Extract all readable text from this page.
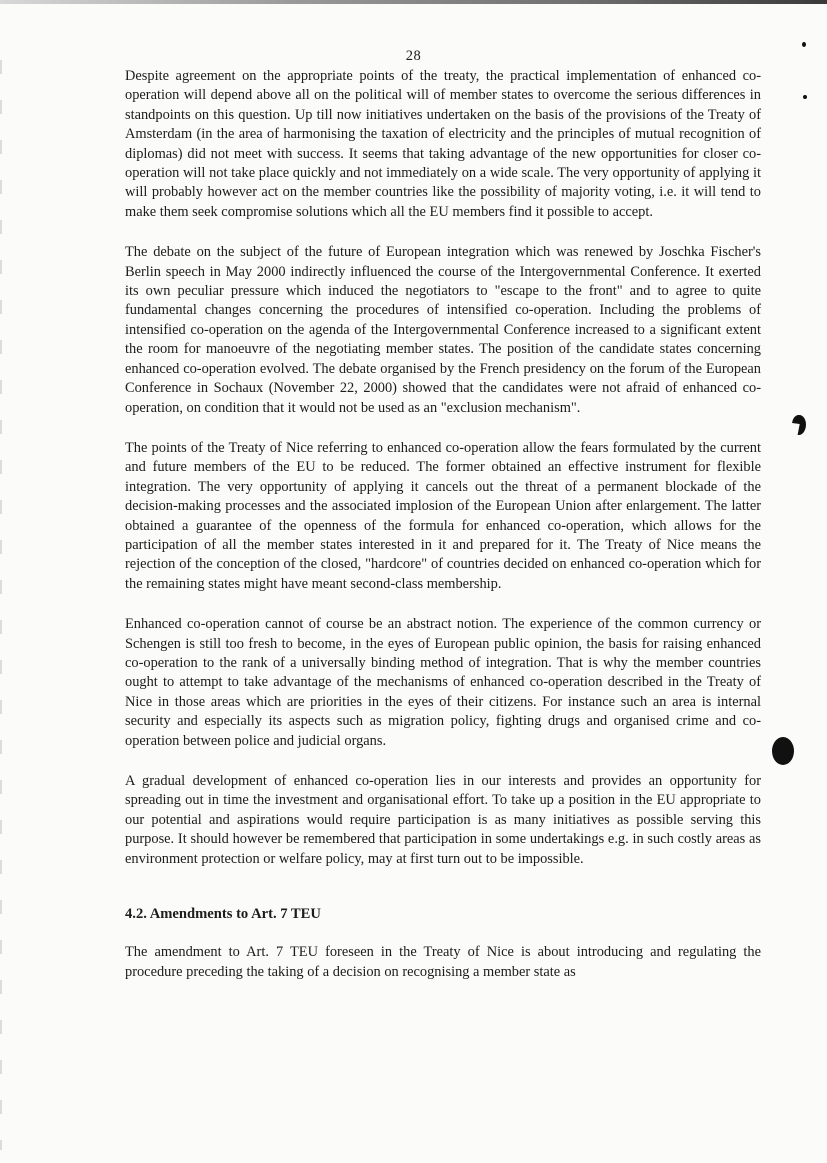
28

Despite agreement on the appropriate points of the treaty, the practical implementation of enhanced co-operation will depend above all on the political will of member states to overcome the serious differences in standpoints on this question. Up till now initiatives undertaken on the basis of the provisions of the Treaty of Amsterdam (in the area of harmonising the taxation of electricity and the principles of mutual recognition of diplomas) did not meet with success. It seems that taking advantage of the new opportunities for closer co-operation will not take place quickly and not immediately on a wide scale. The very opportunity of applying it will probably however act on the member countries like the possibility of majority voting, i.e. it will tend to make them seek compromise solutions which all the EU members find it possible to accept.

The debate on the subject of the future of European integration which was renewed by Joschka Fischer's Berlin speech in May 2000 indirectly influenced the course of the Intergovernmental Conference. It exerted its own peculiar pressure which induced the negotiators to "escape to the front" and to agree to quite fundamental changes concerning the procedures of intensified co-operation. Including the problems of intensified co-operation on the agenda of the Intergovernmental Conference increased to a significant extent the room for manoeuvre of the negotiating member states. The position of the candidate states concerning enhanced co-operation evolved. The debate organised by the French presidency on the forum of the European Conference in Sochaux (November 22, 2000) showed that the candidates were not afraid of enhanced co-operation, on condition that it would not be used as an "exclusion mechanism".

The points of the Treaty of Nice referring to enhanced co-operation allow the fears formulated by the current and future members of the EU to be reduced. The former obtained an effective instrument for flexible integration. The very opportunity of applying it cancels out the threat of a permanent blockade of the decision-making processes and the associated implosion of the European Union after enlargement. The latter obtained a guarantee of the openness of the formula for enhanced co-operation, which allows for the participation of all the member states interested in it and prepared for it. The Treaty of Nice means the rejection of the conception of the closed, "hardcore" of countries decided on enhanced co-operation which for the remaining states might have meant second-class membership.

Enhanced co-operation cannot of course be an abstract notion. The experience of the common currency or Schengen is still too fresh to become, in the eyes of European public opinion, the basis for raising enhanced co-operation to the rank of a universally binding method of integration. That is why the member countries ought to attempt to take advantage of the mechanisms of enhanced co-operation described in the Treaty of Nice in those areas which are priorities in the eyes of their citizens. For instance such an area is internal security and especially its aspects such as migration policy, fighting drugs and organised crime and co-operation between police and judicial organs.

A gradual development of enhanced co-operation lies in our interests and provides an opportunity for spreading out in time the investment and organisational effort. To take up a position in the EU appropriate to our potential and aspirations would require participation is as many initiatives as possible serving this purpose. It should however be remembered that participation in some undertakings e.g. in such costly areas as environment protection or welfare policy, may at first turn out to be impossible.

4.2. Amendments to Art. 7 TEU

The amendment to Art. 7 TEU foreseen in the Treaty of Nice is about introducing and regulating the procedure preceding the taking of a decision on recognising a member state as
